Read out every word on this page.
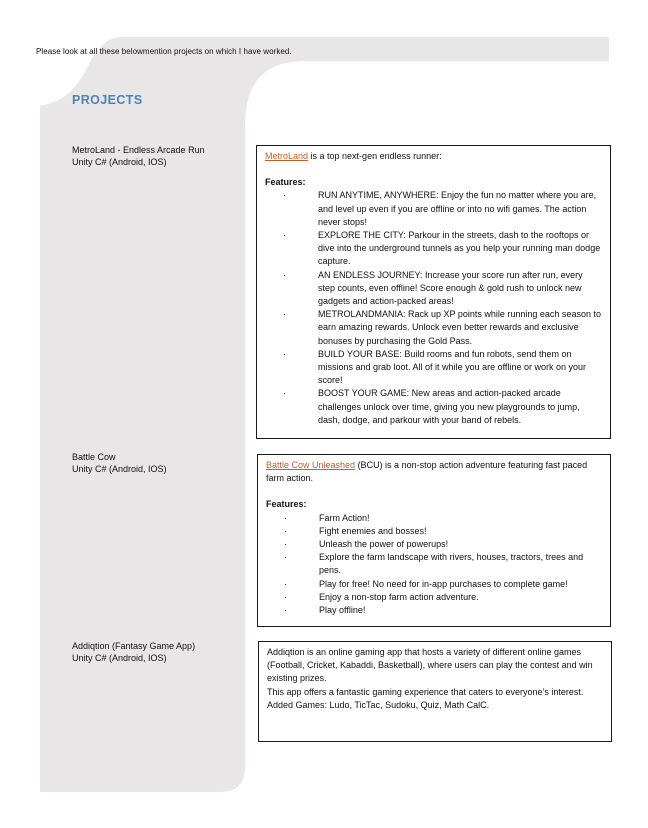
Please look at all these belowmention projects on which I have worked.
PROJECTS
MetroLand - Endless Arcade Run
Unity C# (Android, IOS)

MetroLand is a top next-gen endless runner:

Features:

·	RUN ANYTIME, ANYWHERE: Enjoy the fun no matter where you are, and level up even if you are offline or into no wifi games. The action never stops!
·	EXPLORE THE CITY: Parkour in the streets, dash to the rooftops or dive into the underground tunnels as you help your running man dodge capture.
·	AN ENDLESS JOURNEY: Increase your score run after run, every step counts, even offline! Score enough & gold rush to unlock new gadgets and action-packed areas!
·	METROLANDMANIA: Rack up XP points while running each season to earn amazing rewards. Unlock even better rewards and exclusive bonuses by purchasing the Gold Pass.
·	BUILD YOUR BASE: Build rooms and fun robots, send them on missions and grab loot. All of it while you are offline or work on your score!
·	BOOST YOUR GAME: New areas and action-packed arcade challenges unlock over time, giving you new playgrounds to jump, dash, dodge, and parkour with your band of rebels.
Battle Cow
Unity C# (Android, IOS)	Battle Cow Unleashed (BCU) is a non-stop action adventure featuring fast paced farm action.

Features:

·	Farm Action!
·	Fight enemies and bosses!
·	Unleash the power of powerups!
·	Explore the farm landscape with rivers, houses, tractors, trees and pens.
·	Play for free! No need for in-app purchases to complete game!
·	Enjoy a non-stop farm action adventure.
·	Play offline!
Addiqtion (Fantasy Game App)
Unity C# (Android, IOS)

Addiqtion is an online gaming app that hosts a variety of different online games (Football, Cricket, Kabaddi, Basketball), where users can play the contest and win existing prizes.

This app offers a fantastic gaming experience that caters to everyone’s interest.

Added Games: Ludo, TicTac, Sudoku, Quiz, Math CalC.
